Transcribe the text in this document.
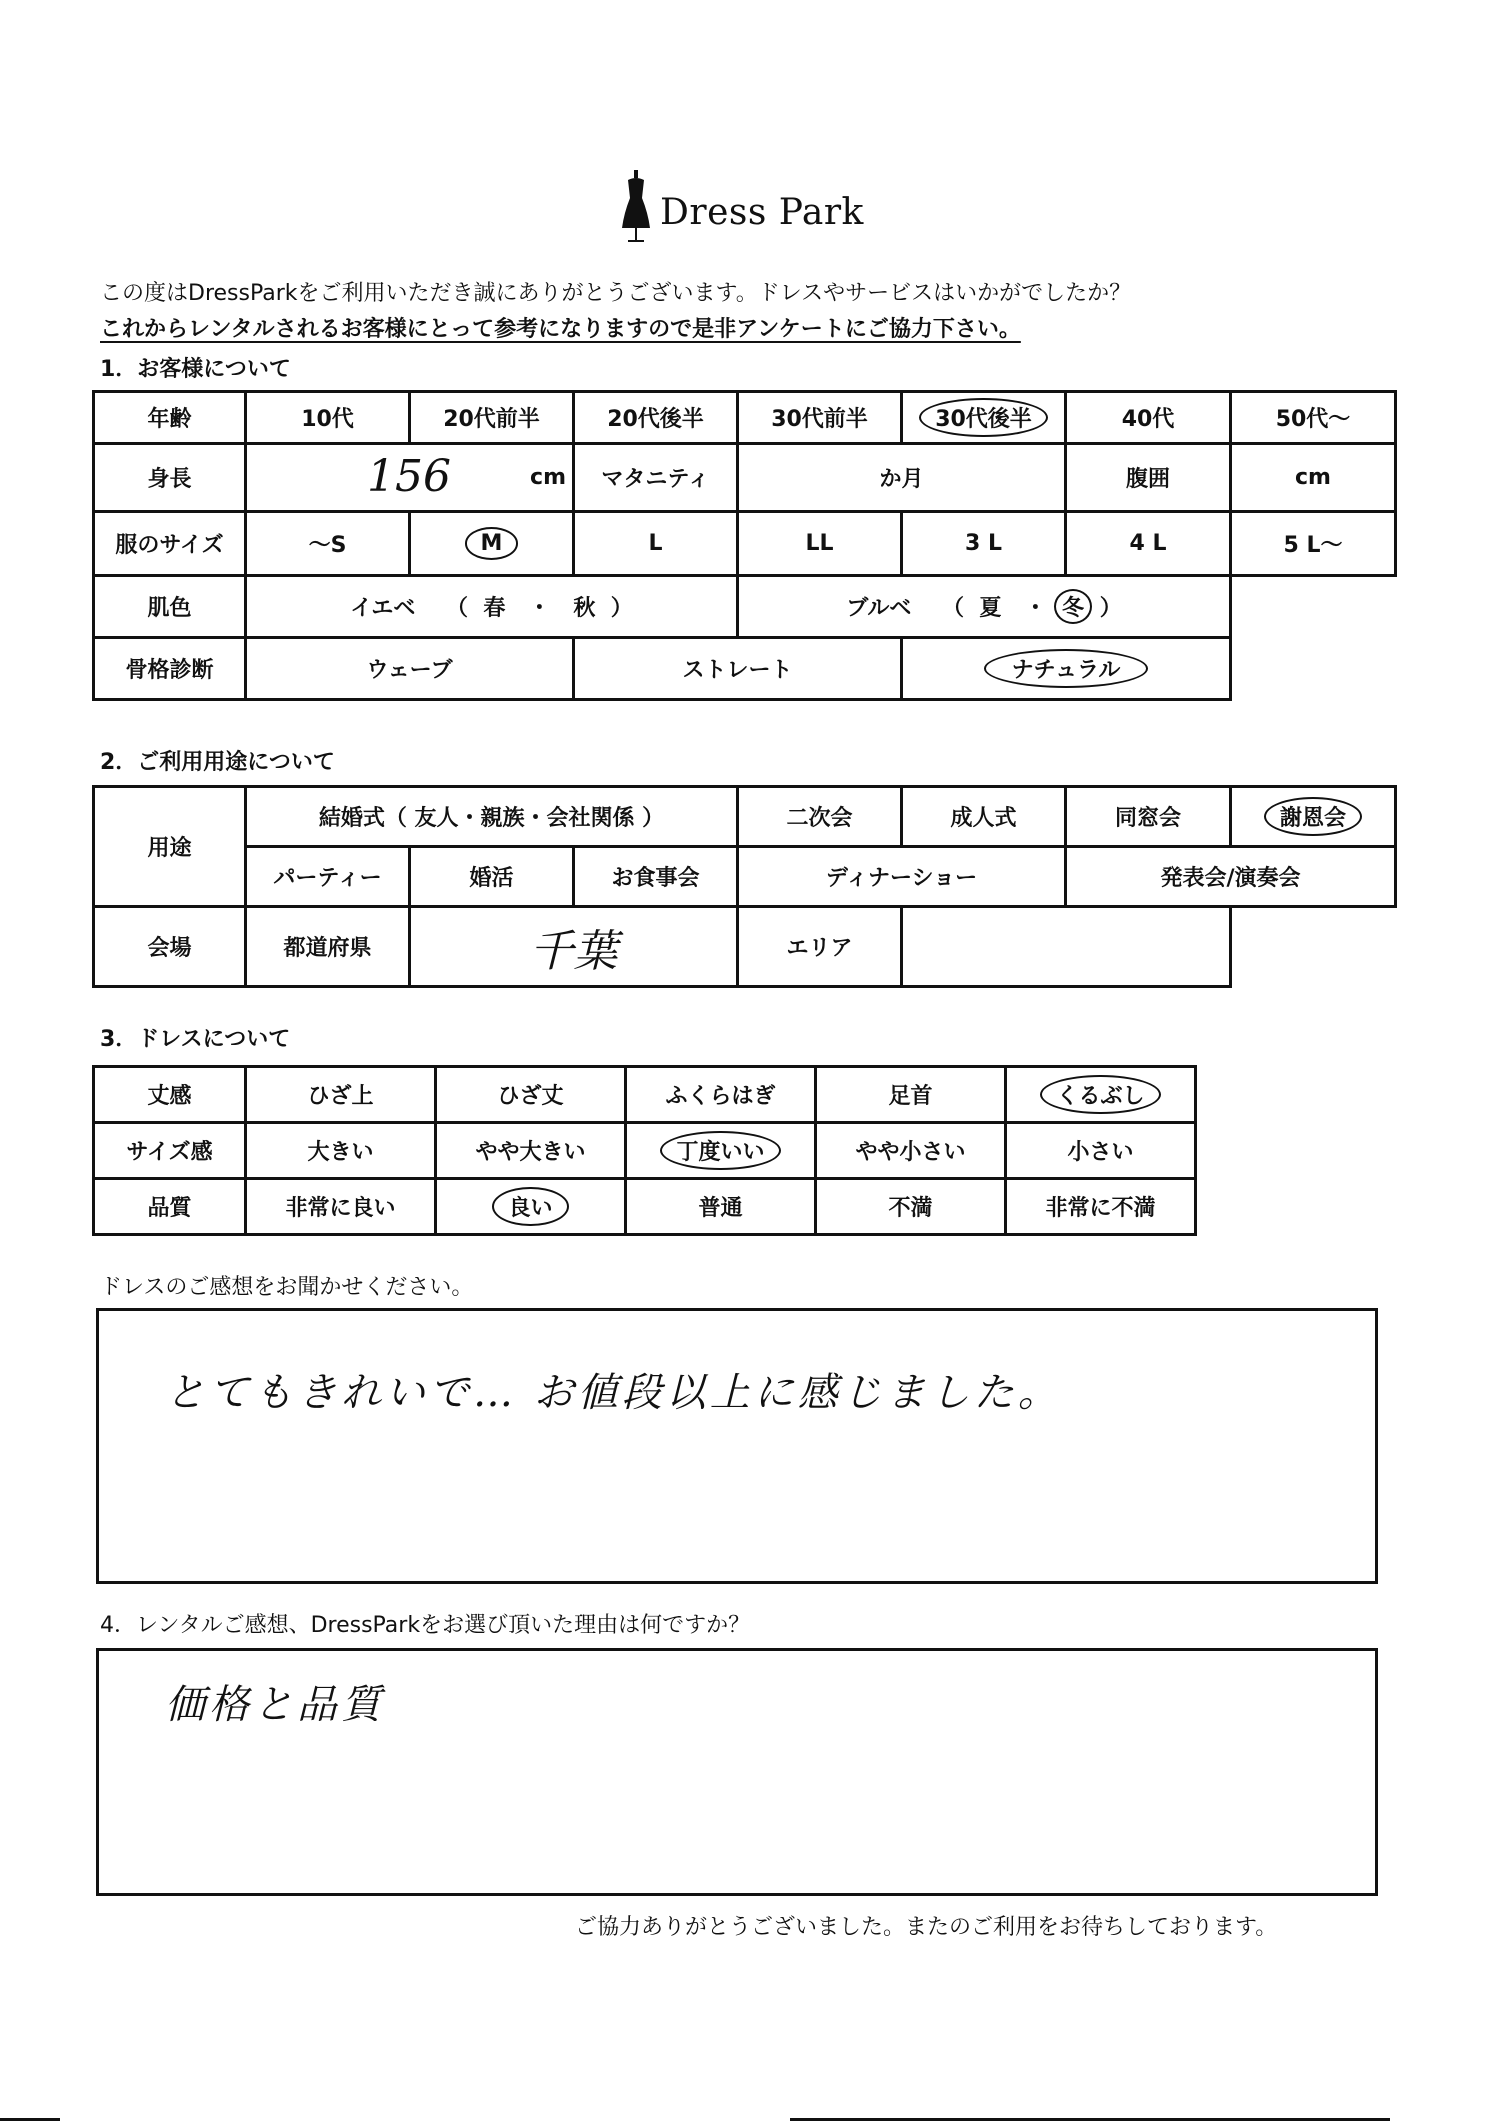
Dress Park
この度はDressParkをご利用いただき誠にありがとうございます。ドレスやサービスはいかがでしたか？
これからレンタルされるお客様にとって参考になりますので是非アンケートにご協力下さい。
1．お客様について
年齢	10代	20代前半	20代後半	30代前半	30代後半	40代	50代～
身長	156 cm		マタニティ	か月		腹囲	cm
服のサイズ	～S	M	L	LL	3 L	4 L	5 L～
肌色	イエベ （ 春 ・ 秋 ）			ブルベ （ 夏 ・ 冬 ）			
骨格診断	ウェーブ		ストレート		ナチュラル		
2．ご利用用途について
用途	結婚式（ 友人・親族・会社関係 ）			二次会	成人式	同窓会	謝恩会
	パーティー	婚活	お食事会	ディナーショー		発表会/演奏会	
会場	都道府県	千葉		エリア			
3．ドレスについて
丈感	ひざ上	ひざ丈	ふくらはぎ	足首	くるぶし
サイズ感	大きい	やや大きい	丁度いい	やや小さい	小さい
品質	非常に良い	良い	普通	不満	非常に不満
ドレスのご感想をお聞かせください。
とてもきれいで… お値段以上に感じました。
4．レンタルご感想、DressParkをお選び頂いた理由は何ですか？
価格と品質
ご協力ありがとうございました。またのご利用をお待ちしております。
